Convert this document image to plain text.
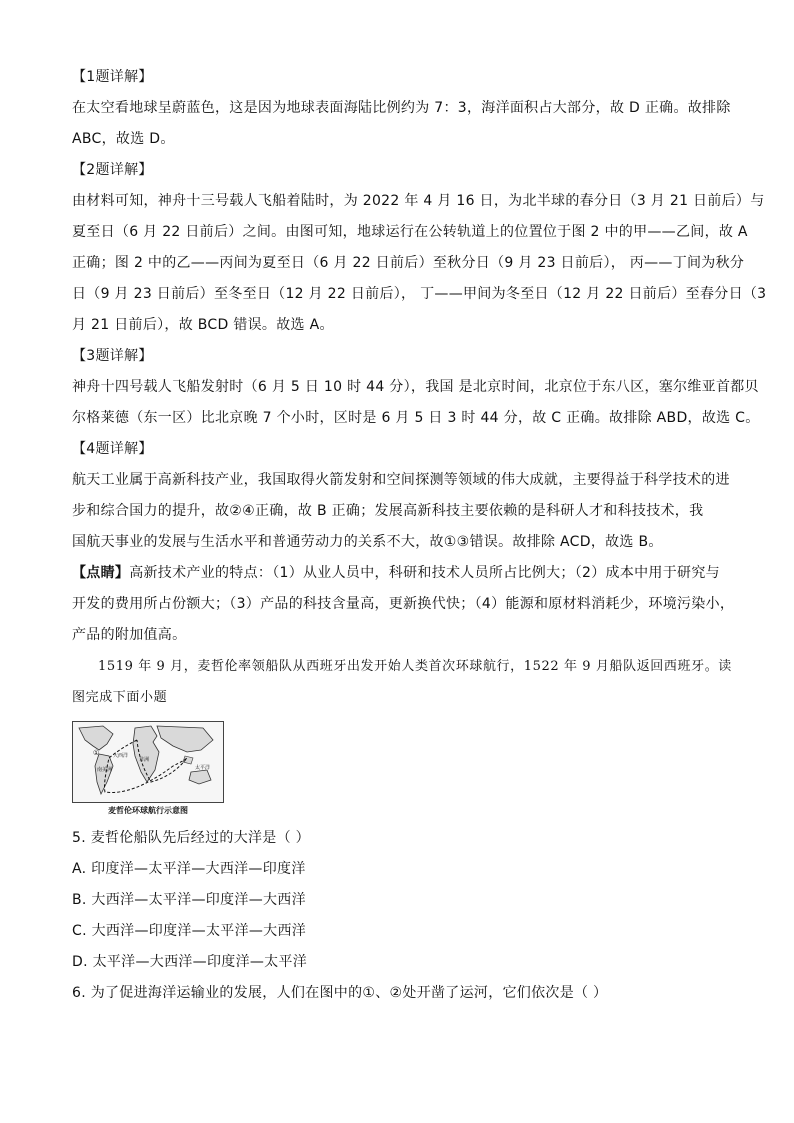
【1题详解】

在太空看地球呈蔚蓝色，这是因为地球表面海陆比例约为 7：3，海洋面积占大部分，故 D 正确。故排除

ABC，故选 D。

【2题详解】

由材料可知，神舟十三号载人飞船着陆时，为 2022 年 4 月 16 日，为北半球的春分日（3 月 21 日前后）与

夏至日（6 月 22 日前后）之间。由图可知，地球运行在公转轨道上的位置位于图 2 中的甲——乙间，故 A

正确；图 2 中的乙——丙间为夏至日（6 月 22 日前后）至秋分日（9 月 23 日前后）， 丙——丁间为秋分

日（9 月 23 日前后）至冬至日（12 月 22 日前后）， 丁——甲间为冬至日（12 月 22 日前后）至春分日（3

月 21 日前后），故 BCD 错误。故选 A。

【3题详解】

神舟十四号载人飞船发射时（6 月 5 日 10 时 44 分），我国 是北京时间，北京位于东八区，塞尔维亚首都贝

尔格莱德（东一区）比北京晚 7 个小时，区时是 6 月 5 日 3 时 44 分，故 C 正确。故排除 ABD，故选 C。

【4题详解】

航天工业属于高新科技产业，我国取得火箭发射和空间探测等领域的伟大成就，主要得益于科学技术的进

步和综合国力的提升，故②④正确，故 B 正确；发展高新科技主要依赖的是科研人才和科技技术，我

国航天事业的发展与生活水平和普通劳动力的关系不大，故①③错误。故排除 ACD，故选 B。

【点睛】高新技术产业的特点：（1）从业人员中，科研和技术人员所占比例大；（2）成本中用于研究与

开发的费用所占份额大；（3）产品的科技含量高，更新换代快；（4）能源和原材料消耗少，环境污染小，

产品的附加值高。

1519 年 9 月，麦哲伦率领船队从西班牙出发开始人类首次环球航行，1522 年 9 月船队返回西班牙。读

图完成下面小题

①
南美洲
大西洋
非洲
太平洋
麦哲伦环球航行示意图

5. 麦哲伦船队先后经过的大洋是（ ）

A. 印度洋—太平洋—大西洋—印度洋

B. 大西洋—太平洋—印度洋—大西洋

C. 大西洋—印度洋—太平洋—大西洋

D. 太平洋—大西洋—印度洋—太平洋

6. 为了促进海洋运输业的发展，人们在图中的①、②处开凿了运河，它们依次是（ ）
